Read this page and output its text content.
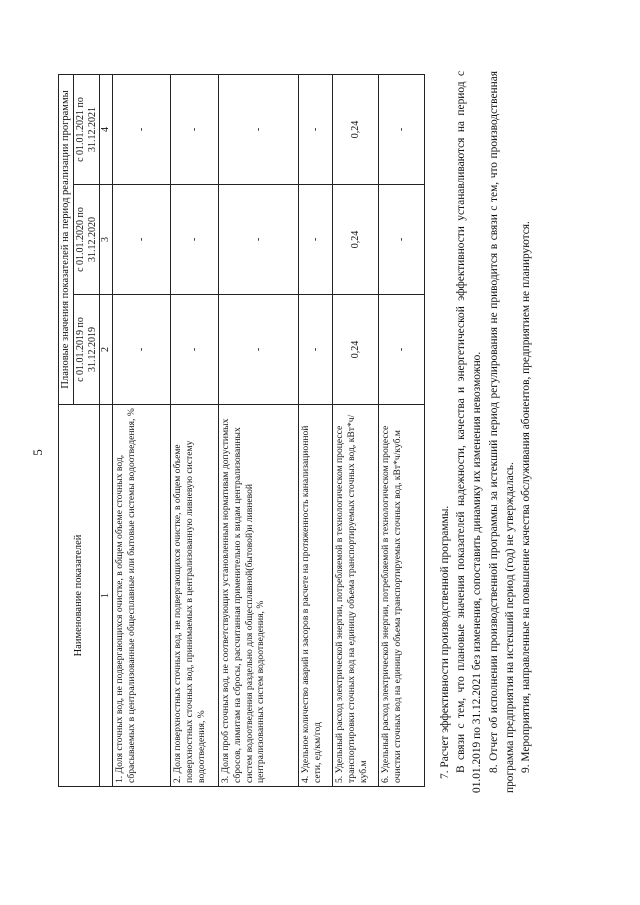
5
Наименование показателей	Плановые значения показателей на период реализации программы		
	с 01.01.2019 по 31.12.2019	с 01.01.2020 по 31.12.2020	с 01.01.2021 по 31.12.2021
1	2	3	4
1. Доля сточных вод, не подвергающихся очистке, в общем объеме сточных вод, сбрасываемых в централизованные общесплавные или бытовые системы водоотведения, %	-	-	-
2. Доля поверхностных сточных вод, не подвергающихся очистке, в общем объеме поверхностных сточных вод, принимаемых в централизованную ливневую систему водоотведения, %	-	-	-
3. Доля проб сточных вод, не соответствующих установленным нормативам допустимых сбросов, лимитам на сбросы, рассчитанная применительно к видам централизованных систем водоотведения раздельно для общесплавной(бытовой)и ливневой централизованных систем водоотведения, %	-	-	-
4. Удельное количество аварий и засоров в расчете на протяженность канализационной сети, ед/км/год	-	-	-
5. Удельный расход электрической энергии, потребляемой в технологическом процессе транспортировки сточных вод на единицу объема транспортируемых сточных вод, кВт*ч/куб.м	0,24	0,24	0,24
6. Удельный расход электрической энергии, потребляемой в технологическом процессе очистки сточных вод на единицу объема транспортируемых сточных вод, кВт*ч/куб.м	-	-	-

7. Расчет эффективности производственной программы. В связи с тем, что плановые значения показателей надежности, качества и энергетической эффективности устанавливаются на период с 01.01.2019 по 31.12.2021 без изменения, сопоставить динамику их изменения невозможно. 8. Отчет об исполнении производственной программы за истекший период регулирования не приводится в связи с тем, что производственная программа предприятия на истекший период (год) не утверждалась. 9. Мероприятия, направленные на повышение качества обслуживания абонентов, предприятием не планируются.
